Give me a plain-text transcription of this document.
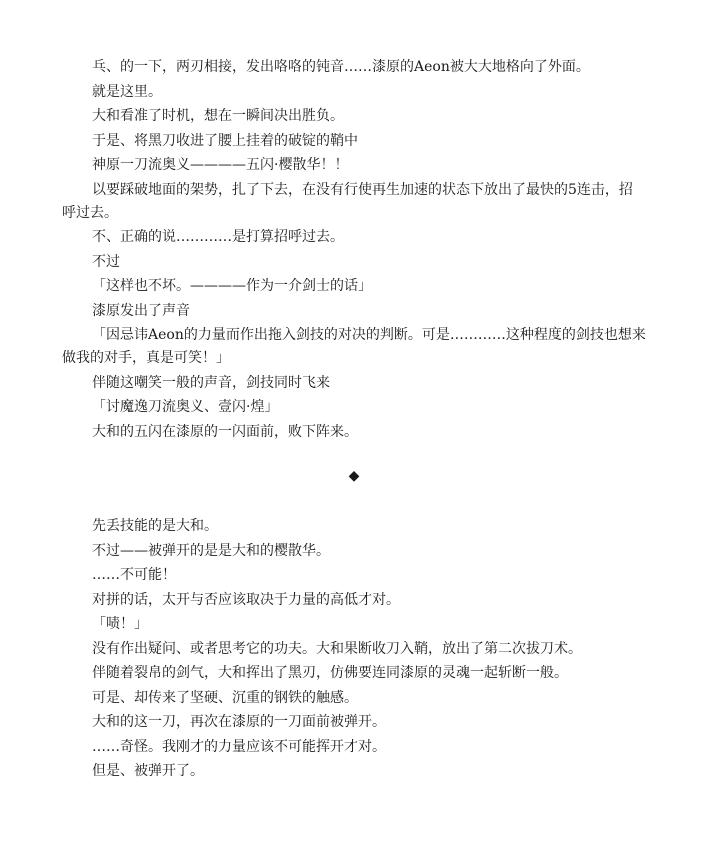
乓、的一下，两刃相接，发出咯咯的钝音……漆原的Aeon被大大地格向了外面。

就是这里。

大和看准了时机，想在一瞬间决出胜负。

于是、将黑刀收进了腰上挂着的破锭的鞘中

神原一刀流奥义————五闪·樱散华！！

以要踩破地面的架势，扎了下去，在没有行使再生加速的状态下放出了最快的5连击，招呼过去。

不、正确的说…………是打算招呼过去。

不过

「这样也不坏。————作为一介剑士的话」

漆原发出了声音

「因忌讳Aeon的力量而作出拖入剑技的对决的判断。可是…………这种程度的剑技也想来做我的对手，真是可笑！」

伴随这嘲笑一般的声音，剑技同时飞来

「讨魔逸刀流奥义、壹闪·煌」

大和的五闪在漆原的一闪面前，败下阵来。

◆

先丢技能的是大和。

不过——被弹开的是是大和的樱散华。

……不可能！

对拼的话，太开与否应该取决于力量的高低才对。

「啧！」

没有作出疑问、或者思考它的功夫。大和果断收刀入鞘，放出了第二次拔刀术。

伴随着裂帛的剑气，大和挥出了黑刃，仿佛要连同漆原的灵魂一起斩断一般。

可是、却传来了坚硬、沉重的钢铁的触感。

大和的这一刀，再次在漆原的一刀面前被弹开。

……奇怪。我刚才的力量应该不可能挥开才对。

但是、被弹开了。
